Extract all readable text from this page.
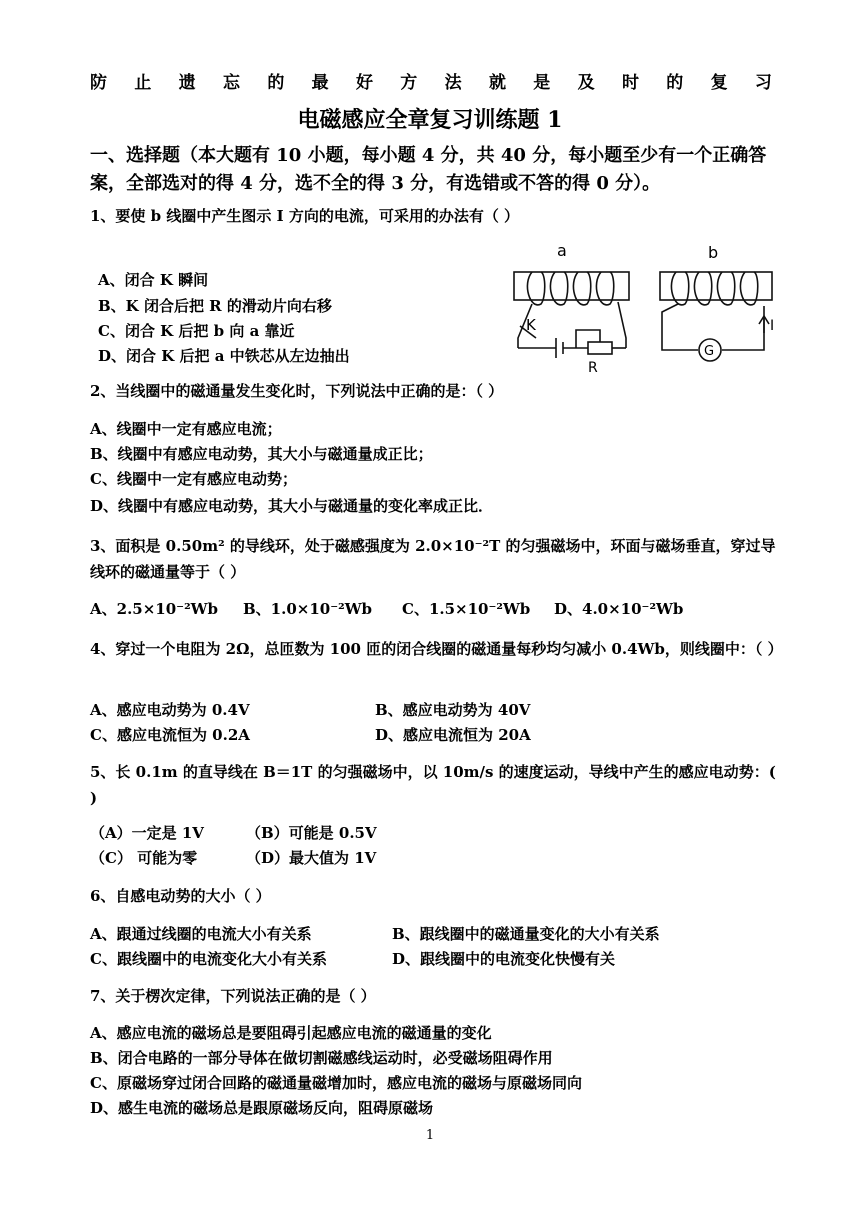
防 止 遗 忘 的 最 好 方 法 就 是 及 时 的 复 习
电磁感应全章复习训练题 1
一、选择题（本大题有 10 小题，每小题 4 分，共 40 分，每小题至少有一个正确答案，全部选对的得 4 分，选不全的得 3 分，有选错或不答的得 0 分）。
1、要使 b 线圈中产生图示 I 方向的电流，可采用的办法有（ ）
A、闭合 K 瞬间
B、K 闭合后把 R 的滑动片向右移
C、闭合 K 后把 b 向 a 靠近
D、闭合 K 后把 a 中铁芯从左边抽出
a	b
K
R
I
G
2、当线圈中的磁通量发生变化时，下列说法中正确的是：（ ）
A、线圈中一定有感应电流；
B、线圈中有感应电动势，其大小与磁通量成正比；
C、线圈中一定有感应电动势；
D、线圈中有感应电动势，其大小与磁通量的变化率成正比．
3、面积是 0.50m² 的导线环，处于磁感强度为 2.0×10⁻²T 的匀强磁场中，环面与磁场垂直，穿过导线环的磁通量等于（ ）
A、2.5×10⁻²Wb B、1.0×10⁻²Wb C、1.5×10⁻²Wb D、4.0×10⁻²Wb
4、穿过一个电阻为 2Ω，总匝数为 100 匝的闭合线圈的磁通量每秒均匀减小 0.4Wb，则线圈中：（ ）
A、感应电动势为 0.4V	B、感应电动势为 40V
C、感应电流恒为 0.2A	D、感应电流恒为 20A
5、长 0.1m 的直导线在 B＝1T 的匀强磁场中，以 10m/s 的速度运动，导线中产生的感应电动势：( )
（A）一定是 1V	（B）可能是 0.5V
（C） 可能为零	（D）最大值为 1V
6、自感电动势的大小（ ）
A、跟通过线圈的电流大小有关系	B、跟线圈中的磁通量变化的大小有关系
C、跟线圈中的电流变化大小有关系	D、跟线圈中的电流变化快慢有关
7、关于楞次定律，下列说法正确的是（ ）
A、感应电流的磁场总是要阻碍引起感应电流的磁通量的变化
B、闭合电路的一部分导体在做切割磁感线运动时，必受磁场阻碍作用
C、原磁场穿过闭合回路的磁通量磁增加时，感应电流的磁场与原磁场同向
D、感生电流的磁场总是跟原磁场反向，阻碍原磁场
1
